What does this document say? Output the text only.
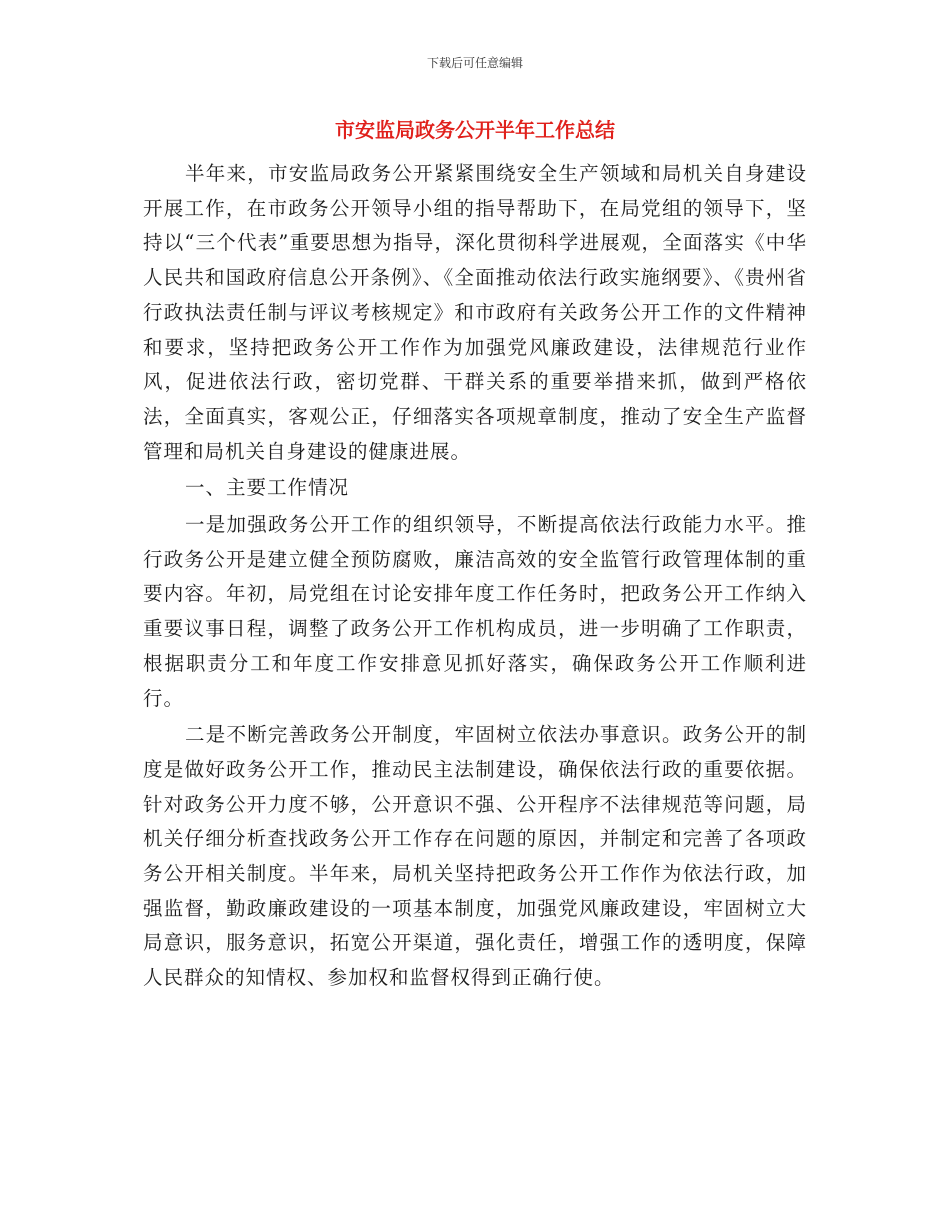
下载后可任意编辑
市安监局政务公开半年工作总结

半年来，市安监局政务公开紧紧围绕安全生产领域和局机关自身建设开展工作，在市政务公开领导小组的指导帮助下，在局党组的领导下，坚持以“三个代表”重要思想为指导，深化贯彻科学进展观，全面落实《中华人民共和国政府信息公开条例》、《全面推动依法行政实施纲要》、《贵州省行政执法责任制与评议考核规定》和市政府有关政务公开工作的文件精神和要求，坚持把政务公开工作作为加强党风廉政建设，法律规范行业作风，促进依法行政，密切党群、干群关系的重要举措来抓，做到严格依法，全面真实，客观公正，仔细落实各项规章制度，推动了安全生产监督管理和局机关自身建设的健康进展。

一、主要工作情况

一是加强政务公开工作的组织领导，不断提高依法行政能力水平。推行政务公开是建立健全预防腐败，廉洁高效的安全监管行政管理体制的重要内容。年初，局党组在讨论安排年度工作任务时，把政务公开工作纳入重要议事日程，调整了政务公开工作机构成员，进一步明确了工作职责，根据职责分工和年度工作安排意见抓好落实，确保政务公开工作顺利进行。

二是不断完善政务公开制度，牢固树立依法办事意识。政务公开的制度是做好政务公开工作，推动民主法制建设，确保依法行政的重要依据。针对政务公开力度不够，公开意识不强、公开程序不法律规范等问题，局机关仔细分析查找政务公开工作存在问题的原因，并制定和完善了各项政务公开相关制度。半年来，局机关坚持把政务公开工作作为依法行政，加强监督，勤政廉政建设的一项基本制度，加强党风廉政建设，牢固树立大局意识，服务意识，拓宽公开渠道，强化责任，增强工作的透明度，保障人民群众的知情权、参加权和监督权得到正确行使。
